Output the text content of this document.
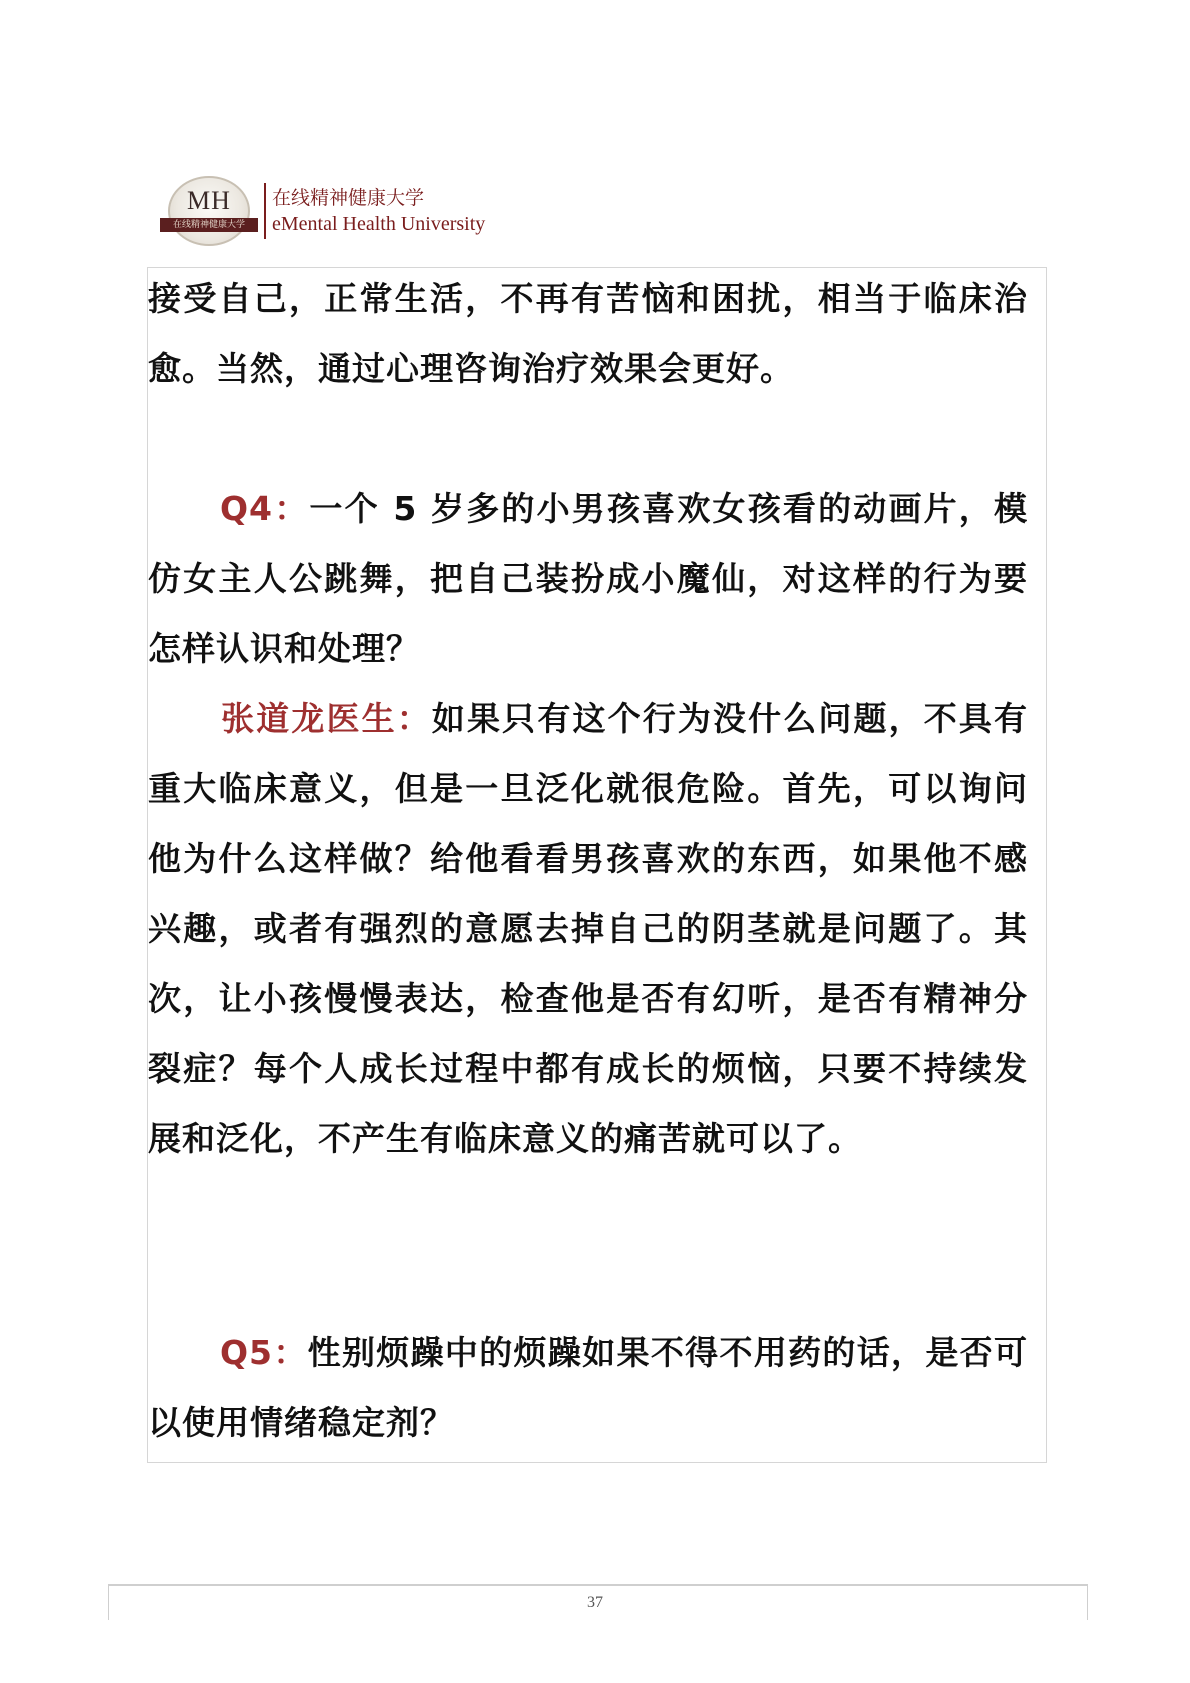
MH
在线精神健康大学
在线精神健康大学
eMental Health University
接受自己，正常生活，不再有苦恼和困扰，相当于临床治愈。当然，通过心理咨询治疗效果会更好。
Q4：一个 5 岁多的小男孩喜欢女孩看的动画片，模仿女主人公跳舞，把自己装扮成小魔仙，对这样的行为要怎样认识和处理？
张道龙医生：如果只有这个行为没什么问题，不具有重大临床意义，但是一旦泛化就很危险。首先，可以询问他为什么这样做？给他看看男孩喜欢的东西，如果他不感兴趣，或者有强烈的意愿去掉自己的阴茎就是问题了。其次，让小孩慢慢表达，检查他是否有幻听，是否有精神分裂症？每个人成长过程中都有成长的烦恼，只要不持续发展和泛化，不产生有临床意义的痛苦就可以了。
Q5：性别烦躁中的烦躁如果不得不用药的话，是否可以使用情绪稳定剂？
37
